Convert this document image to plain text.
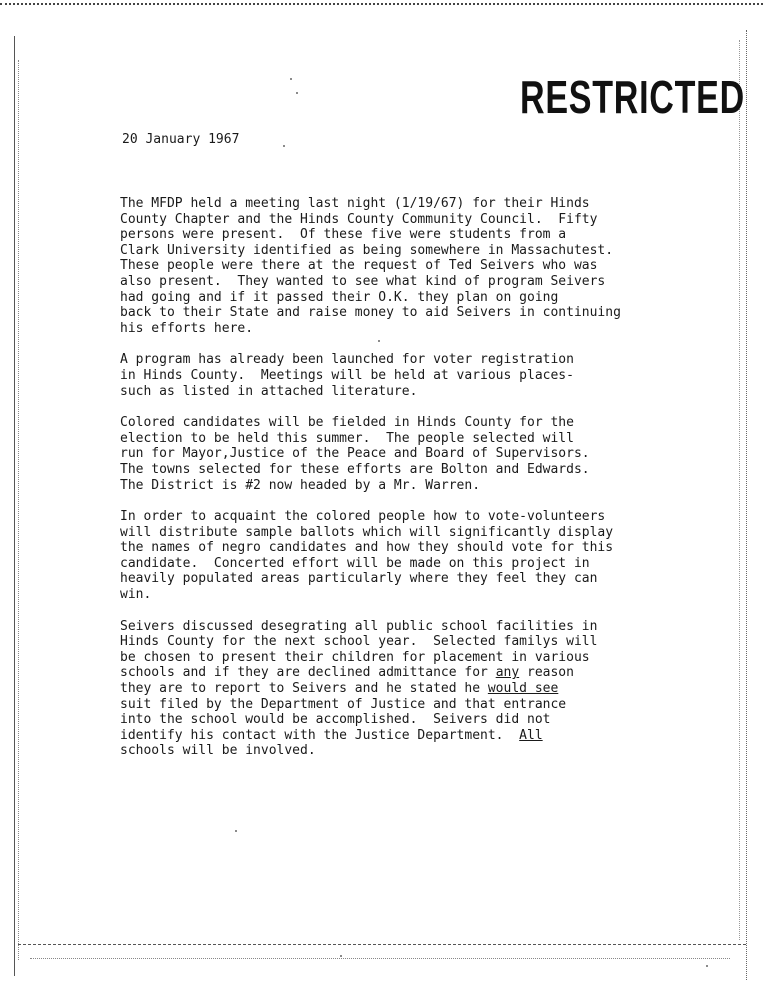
RESTRICTED
20 January 1967
The MFDP held a meeting last night (1/19/67) for their Hinds
County Chapter and the Hinds County Community Council.  Fifty
persons were present.  Of these five were students from a
Clark University identified as being somewhere in Massachutest.
These people were there at the request of Ted Seivers who was
also present.  They wanted to see what kind of program Seivers
had going and if it passed their O.K. they plan on going
back to their State and raise money to aid Seivers in continuing
his efforts here.
A program has already been launched for voter registration
in Hinds County.  Meetings will be held at various places-
such as listed in attached literature.
Colored candidates will be fielded in Hinds County for the
election to be held this summer.  The people selected will
run for Mayor,Justice of the Peace and Board of Supervisors.
The towns selected for these efforts are Bolton and Edwards.
The District is #2 now headed by a Mr. Warren.
In order to acquaint the colored people how to vote-volunteers
will distribute sample ballots which will significantly display
the names of negro candidates and how they should vote for this
candidate.  Concerted effort will be made on this project in
heavily populated areas particularly where they feel they can
win.
Seivers discussed desegrating all public school facilities in
Hinds County for the next school year.  Selected familys will
be chosen to present their children for placement in various
schools and if they are declined admittance for any reason
they are to report to Seivers and he stated he would see
suit filed by the Department of Justice and that entrance
into the school would be accomplished.  Seivers did not
identify his contact with the Justice Department.  All
schools will be involved.
